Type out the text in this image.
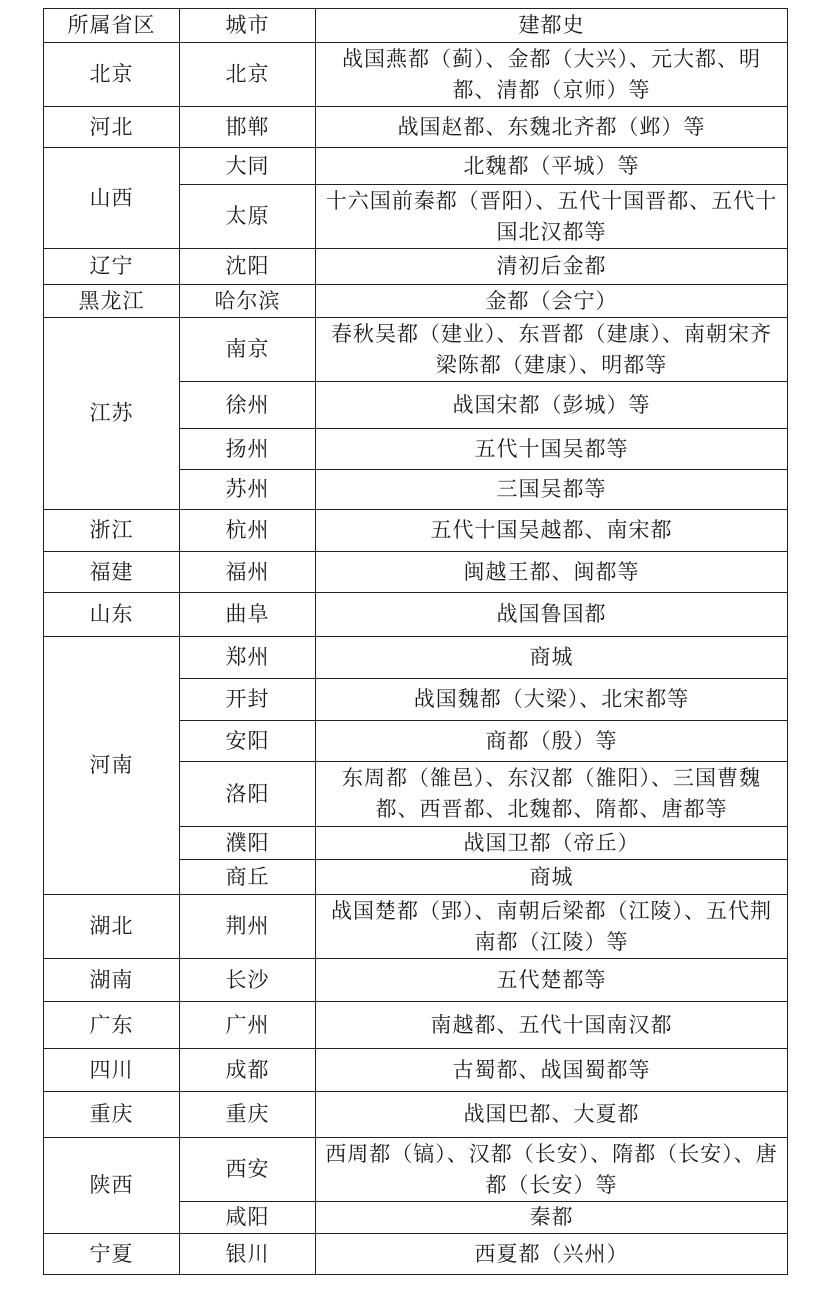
所属省区	城市	建都史
北京	北京	战国燕都（蓟）、金都（大兴）、元大都、明都、清都（京师）等
河北	邯郸	战国赵都、东魏北齐都（邺）等
山西	大同	北魏都（平城）等
	太原	十六国前秦都（晋阳）、五代十国晋都、五代十国北汉都等
辽宁	沈阳	清初后金都
黑龙江	哈尔滨	金都（会宁）
江苏	南京	春秋吴都（建业）、东晋都（建康）、南朝宋齐梁陈都（建康）、明都等
	徐州	战国宋都（彭城）等
	扬州	五代十国吴都等
	苏州	三国吴都等
浙江	杭州	五代十国吴越都、南宋都
福建	福州	闽越王都、闽都等
山东	曲阜	战国鲁国都
河南	郑州	商城
	开封	战国魏都（大梁）、北宋都等
	安阳	商都（殷）等
	洛阳	东周都（雒邑）、东汉都（雒阳）、三国曹魏都、西晋都、北魏都、隋都、唐都等
	濮阳	战国卫都（帝丘）
	商丘	商城
湖北	荆州	战国楚都（郢）、南朝后梁都（江陵）、五代荆南都（江陵）等
湖南	长沙	五代楚都等
广东	广州	南越都、五代十国南汉都
四川	成都	古蜀都、战国蜀都等
重庆	重庆	战国巴都、大夏都
陕西	西安	西周都（镐）、汉都（长安）、隋都（长安）、唐都（长安）等
	咸阳	秦都
宁夏	银川	西夏都（兴州）
